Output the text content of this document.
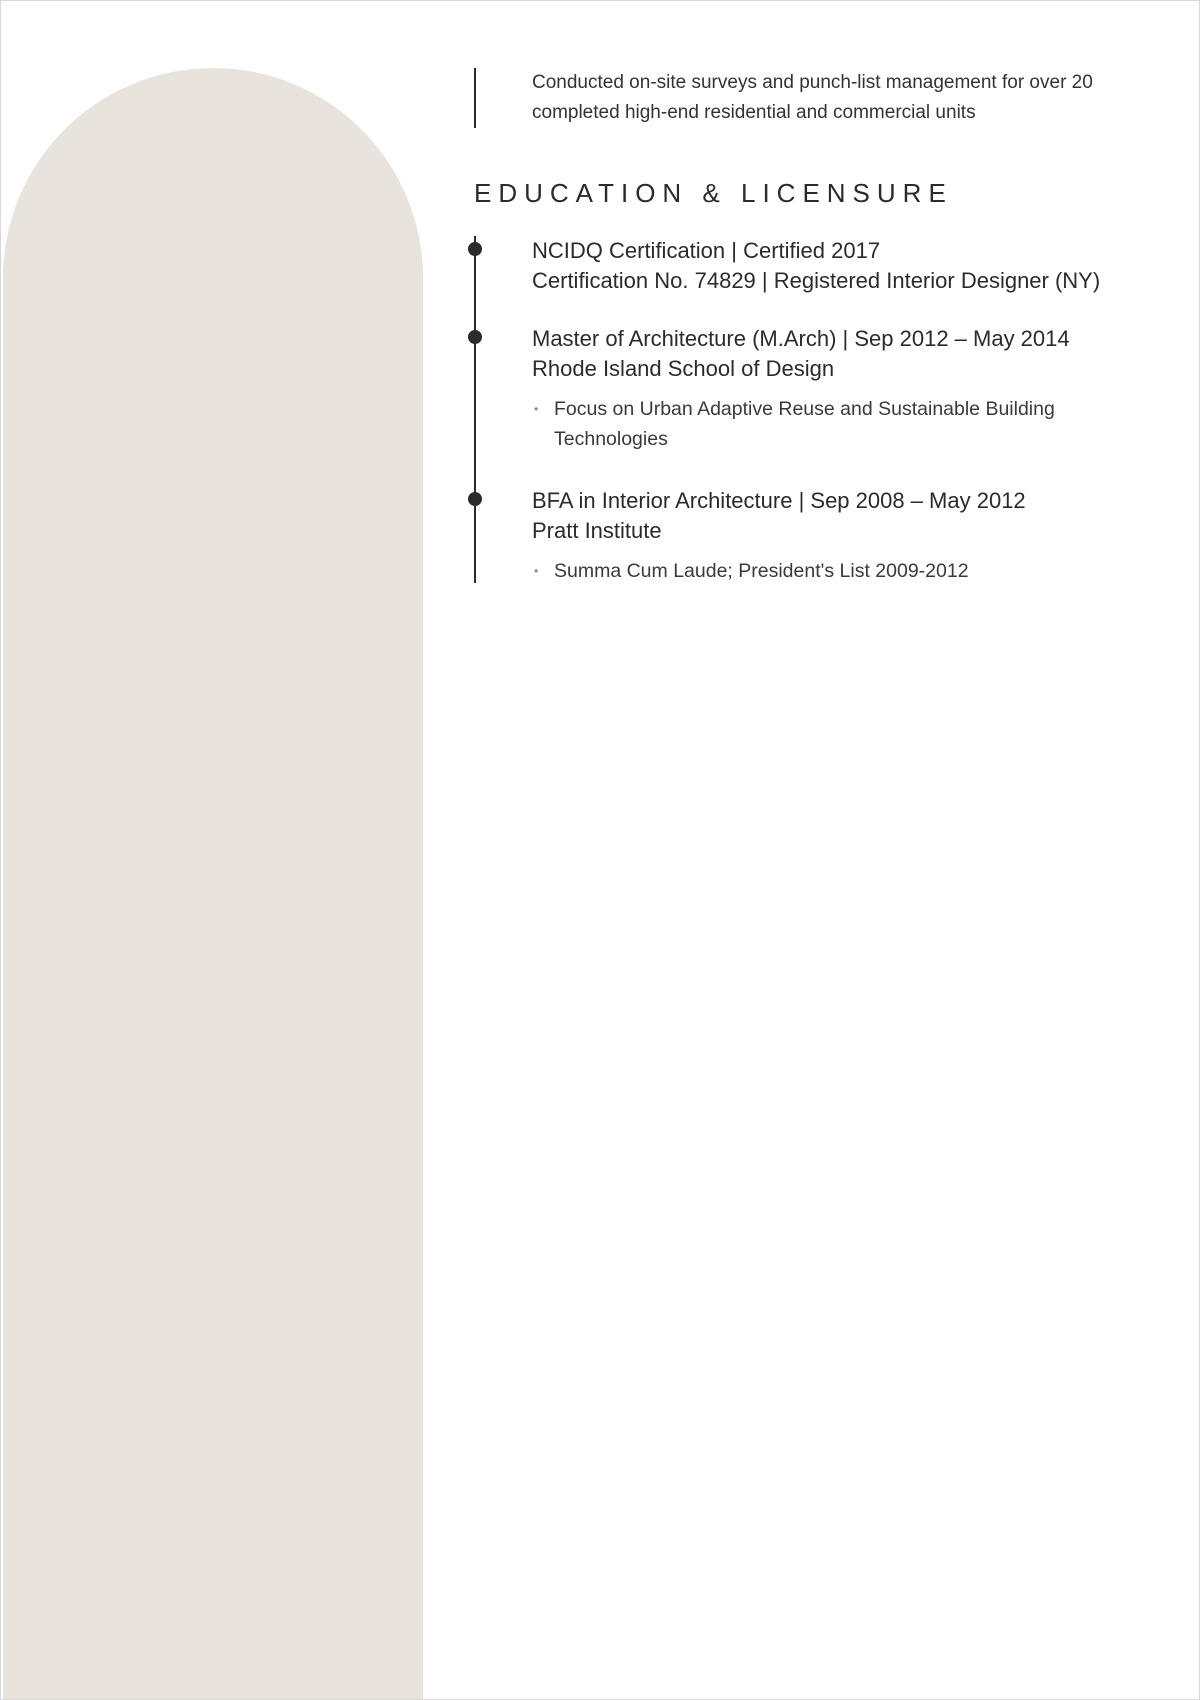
Conducted on-site surveys and punch-list management for over 20 completed high-end residential and commercial units
EDUCATION & LICENSURE
NCIDQ Certification | Certified 2017
Certification No. 74829 | Registered Interior Designer (NY)
Master of Architecture (M.Arch) | Sep 2012 – May 2014
Rhode Island School of Design
• Focus on Urban Adaptive Reuse and Sustainable Building Technologies
BFA in Interior Architecture | Sep 2008 – May 2012
Pratt Institute
• Summa Cum Laude; President's List 2009-2012
